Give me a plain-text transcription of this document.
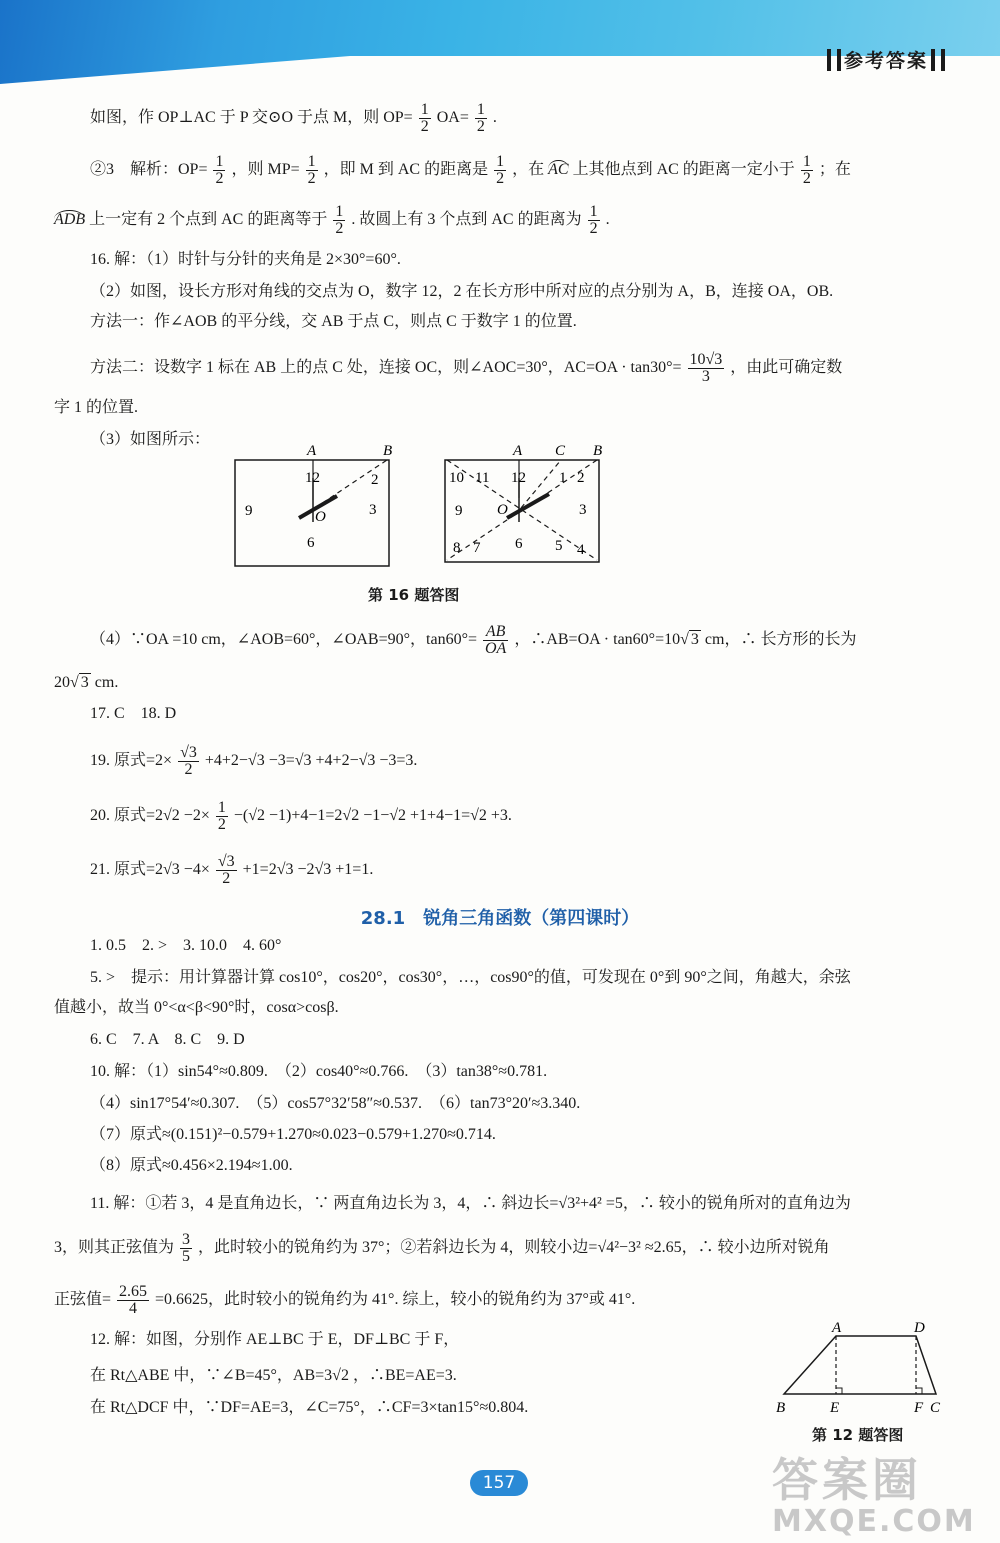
参考答案
如图，作 OP⊥AC 于 P 交⊙O 于点 M，则 $OP= \frac{1}{2} OA= \frac{1}{2}$ .
②3　解析：$OP= \frac{1}{2}$ ，则 $MP= \frac{1}{2}$ ，即 M 到 AC 的距离是 $\frac{1}{2}$ ，在 AC 上其他点到 AC 的距离一定小于 $\frac{1}{2}$ ；在
ADB 上一定有 2 个点到 AC 的距离等于 $\frac{1}{2}$ . 故圆上有 3 个点到 AC 的距离为 $\frac{1}{2}$ .
16. 解：（1）时针与分针的夹角是 2×30°=60°.
（2）如图，设长方形对角线的交点为 O，数字 12，2 在长方形中所对应的点分别为 A，B，连接 OA，OB.
方法一：作∠AOB 的平分线，交 AB 于点 C，则点 C 于数字 1 的位置.
方法二：设数字 1 标在 AB 上的点 C 处，连接 OC，则∠AOC=30°，$AC=OA \cdot \tan 30^\circ= \frac{10√3}{3}$ ，由此可确定数
字 1 的位置.
（3）如图所示：
A	B
12	2
9	3
6
O
A C B
10 11 12 1 2
9	3
8 7 6 5 4
O
第 16 题答图
（4）∵OA =10 cm，∠AOB=60°，∠OAB=90°，$\tan 60^\circ= \frac{AB}{OA}$ ，∴AB=OA · tan60°=10√ 3 cm，∴ 长方形的长为
20√ 3 cm.
17. C　18. D
19. 原式$=2\times \frac{√3}{2} +4+2-√3 -3=√3 +4+2-√3 -3=3$.
20. 原式$=2√2 -2\times \frac{1}{2} -(√2 -1)+4-1=2√2 -1-√2 +1+4-1=√2 +3$.
21. 原式$=2√3 -4\times \frac{√3}{2} +1=2√3 -2√3 +1=1$.
28.1　锐角三角函数（第四课时）
1. 0.5　2. >　3. 10.0　4. 60°
5. >　提示：用计算器计算 cos10°，cos20°，cos30°，…，cos90°的值，可发现在 0°到 90°之间，角越大，余弦
值越小，故当 0°<α<β<90°时，cosα>cosβ.
6. C　7. A　8. C　9. D
10. 解：（1）sin54°≈0.809.　（2）cos40°≈0.766.　（3）tan38°≈0.781.
（4）sin17°54′≈0.307.　（5）cos57°32′58″≈0.537.　（6）tan73°20′≈3.340.
（7）原式≈(0.151)²−0.579+1.270≈0.023−0.579+1.270≈0.714.
（8）原式≈0.456×2.194≈1.00.
11. 解：①若 3，4 是直角边长，∵ 两直角边长为 3，4，∴ 斜边长=√3²+4² =5，∴ 较小的锐角所对的直角边为
3，则其正弦值为 $\frac{3}{5}$ ，此时较小的锐角约为 37°；②若斜边长为 4，则较小边=√4²−3² ≈2.65，∴ 较小边所对锐角
正弦值= $\frac{2.65}{4} =0.6625$，此时较小的锐角约为 41°. 综上，较小的锐角约为 37°或 41°.
12. 解：如图，分别作 AE⊥BC 于 E，DF⊥BC 于 F，
在 Rt△ABE 中，∵∠B=45°，AB=3√2 ，∴BE=AE=3.
在 Rt△DCF 中，∵DF=AE=3，∠C=75°，∴CF=3×tan15°≈0.804.
A	D
B	E	F C
第 12 题答图
157	答案圈
MXQE.COM
